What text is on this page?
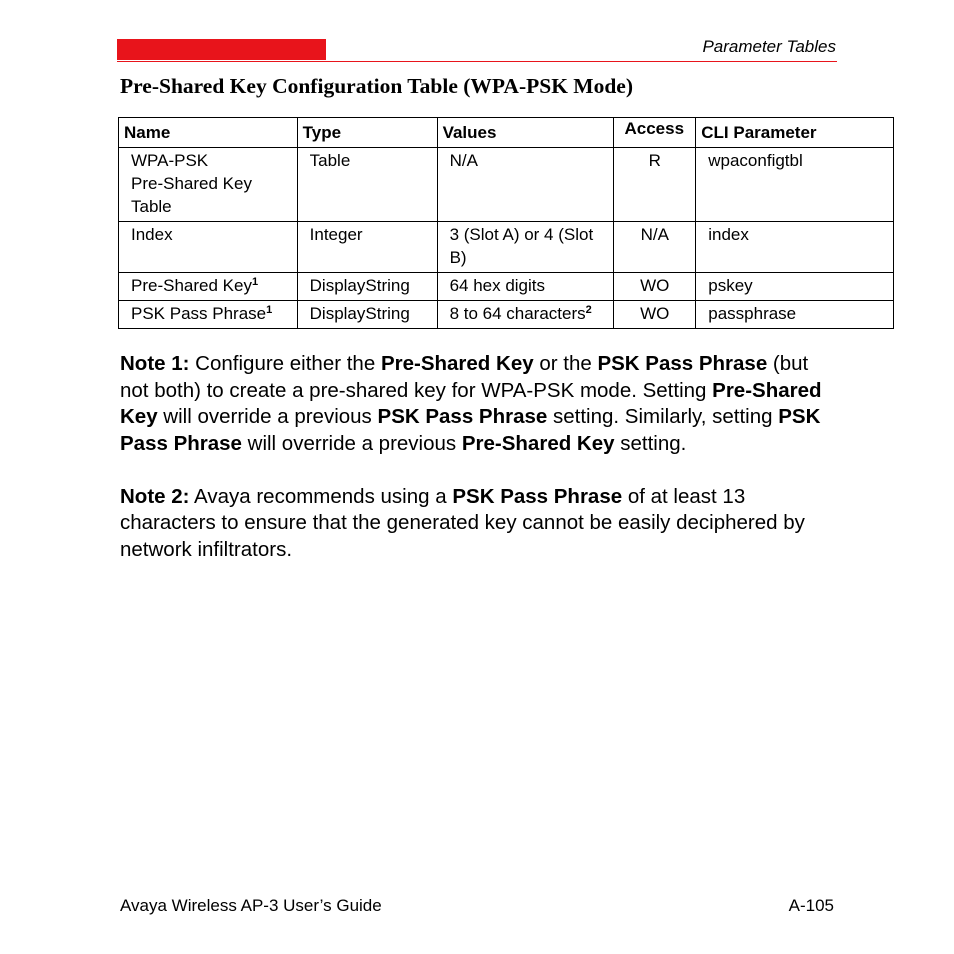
Parameter Tables
Pre-Shared Key Configuration Table (WPA-PSK Mode)
Name	Type	Values	Access	CLI Parameter
WPA-PSK
Pre-Shared Key
Table	Table	N/A	R	wpaconfigtbl
Index	Integer	3 (Slot A) or 4 (Slot B)	N/A	index
Pre-Shared Key$^1$	DisplayString	64 hex digits	WO	pskey
PSK Pass Phrase$^1$	DisplayString	8 to 64 characters$^2$	WO	passphrase

Note 1: Configure either the Pre-Shared Key or the PSK Pass Phrase (but not both) to create a pre-shared key for WPA-PSK mode. Setting Pre-Shared Key will override a previous PSK Pass Phrase setting. Similarly, setting PSK Pass Phrase will override a previous Pre-Shared Key setting.

Note 2: Avaya recommends using a PSK Pass Phrase of at least 13 characters to ensure that the generated key cannot be easily deciphered by network infiltrators.

Avaya Wireless AP-3 User’s Guide	A-105
